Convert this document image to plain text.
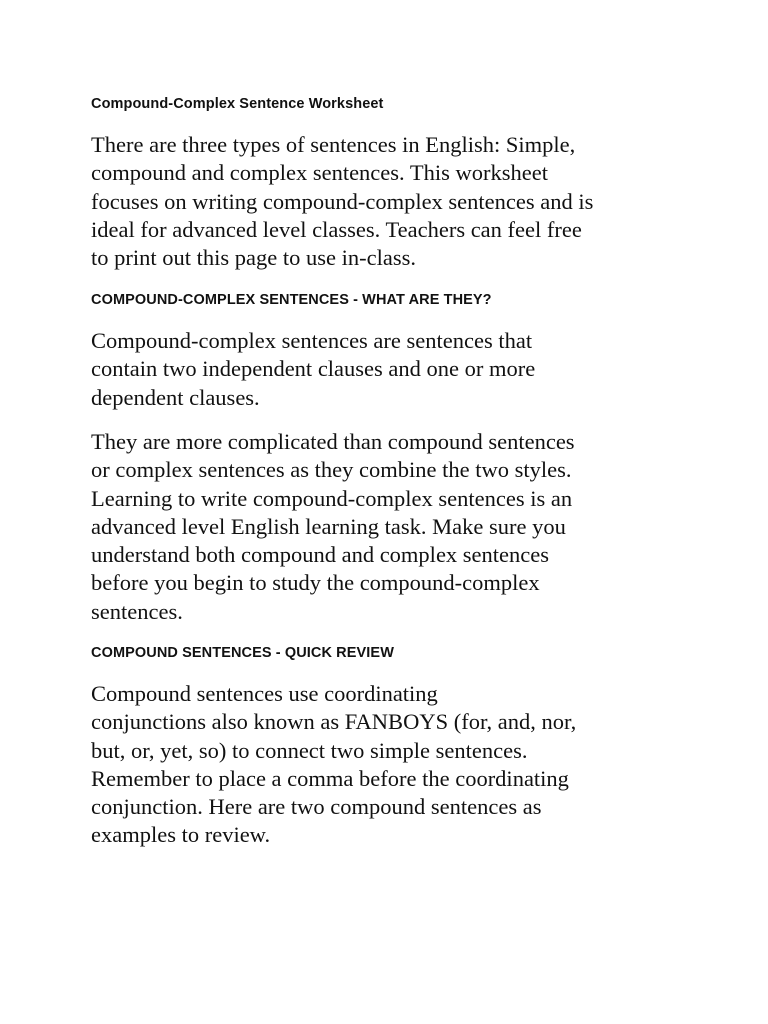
Compound-Complex Sentence Worksheet

There are three types of sentences in English: Simple,
compound and complex sentences. This worksheet
focuses on writing compound-complex sentences and is
ideal for advanced level classes. Teachers can feel free
to print out this page to use in-class.

COMPOUND-COMPLEX SENTENCES - WHAT ARE THEY?

Compound-complex sentences are sentences that
contain two independent clauses and one or more
dependent clauses.

They are more complicated than compound sentences
or complex sentences as they combine the two styles.
Learning to write compound-complex sentences is an
advanced level English learning task. Make sure you
understand both compound and complex sentences
before you begin to study the compound-complex
sentences.

COMPOUND SENTENCES - QUICK REVIEW

Compound sentences use coordinating
conjunctions also known as FANBOYS (for, and, nor,
but, or, yet, so) to connect two simple sentences.
Remember to place a comma before the coordinating
conjunction. Here are two compound sentences as
examples to review.
